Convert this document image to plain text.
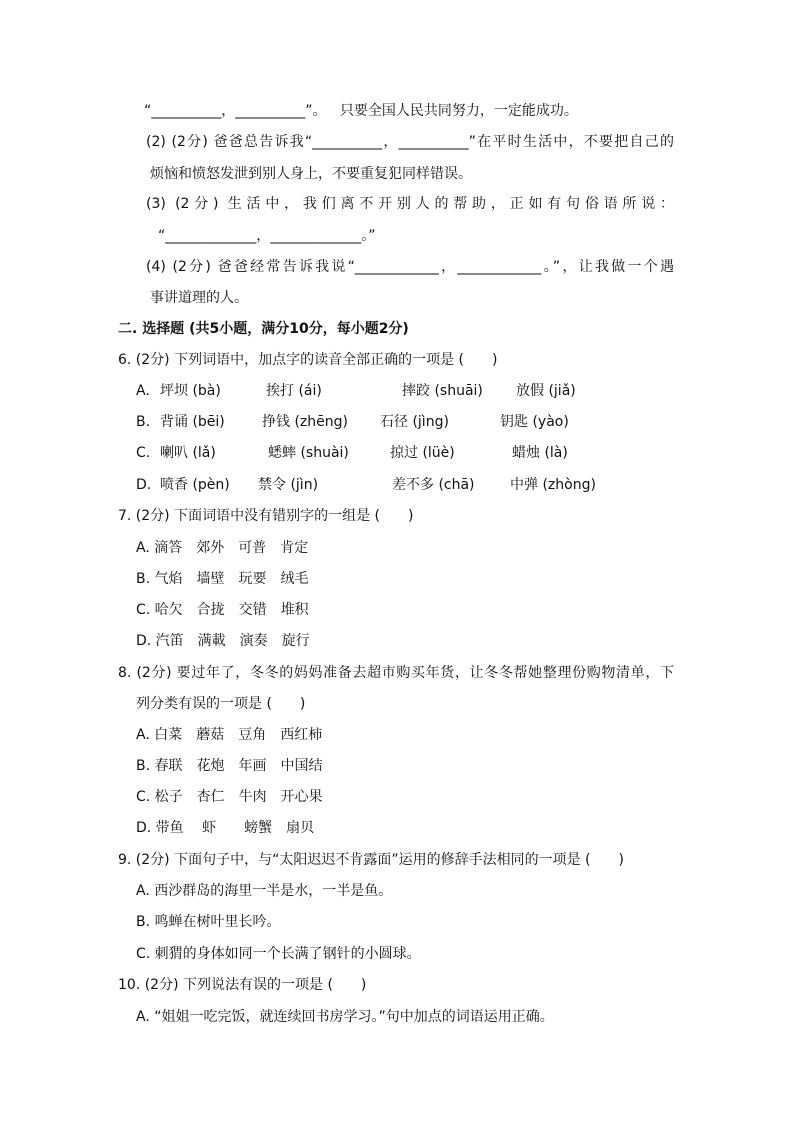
“__________，__________”。   只要全国人民共同努力，一定能成功。
(2) (2分) 爸爸总告诉我“__________，__________”在平时生活中，不要把自己的
烦恼和愤怒发泄到别人身上，不要重复犯同样错误。
(3) (2分) 生活中，我们离不开别人的帮助，正如有句俗语所说：
“_____________，_____________。”
(4) (2分) 爸爸经常告诉我说“____________，____________。”，让我做一个遇
事讲道理的人。
二. 选择题 (共5小题，满分10分，每小题2分)
6. (2分) 下列词语中，加点字的读音全部正确的一项是 (　　)
A. 坪坝 (bà)	挨打 (ái)	摔跤 (shuāi) 放假 (jiǎ)
B. 背诵 (bēi)	挣钱 (zhēng) 石径 (jìng)	钥匙 (yào)
C. 喇叭 (lǎ)	蟋蟀 (shuài)	掠过 (lüè)	蜡烛 (là)
D. 喷香 (pèn) 禁令 (jìn)	差不多 (chā)	中弹 (zhòng)
7. (2分) 下面词语中没有错别字的一组是 (　　)
A. 滴答　郊外　可普　肯定
B. 气焰　墙壁　玩要　绒毛
C. 哈欠　合拢　交错　堆积
D. 汽笛　满載　演奏　旋行
8. (2分) 要过年了，冬冬的妈妈准备去超市购买年货，让冬冬帮她整理份购物清单，下
列分类有误的一项是 (　　)
A. 白菜　蘑菇　豆角　西红柿
B. 春联　花炮　年画　中国结
C. 松子　杏仁　牛肉　开心果
D. 带鱼　 虾　　螃蟹　扇贝
9. (2分) 下面句子中，与“太阳迟迟不肯露面”运用的修辞手法相同的一项是 (　　)
A. 西沙群岛的海里一半是水，一半是鱼。
B. 鸣蝉在树叶里长吟。
C. 刺猬的身体如同一个长满了钢针的小圆球。
10. (2分) 下列说法有误的一项是 (　　)
A. “姐姐一吃完饭，就连续回书房学习。”句中加点的词语运用正确。
